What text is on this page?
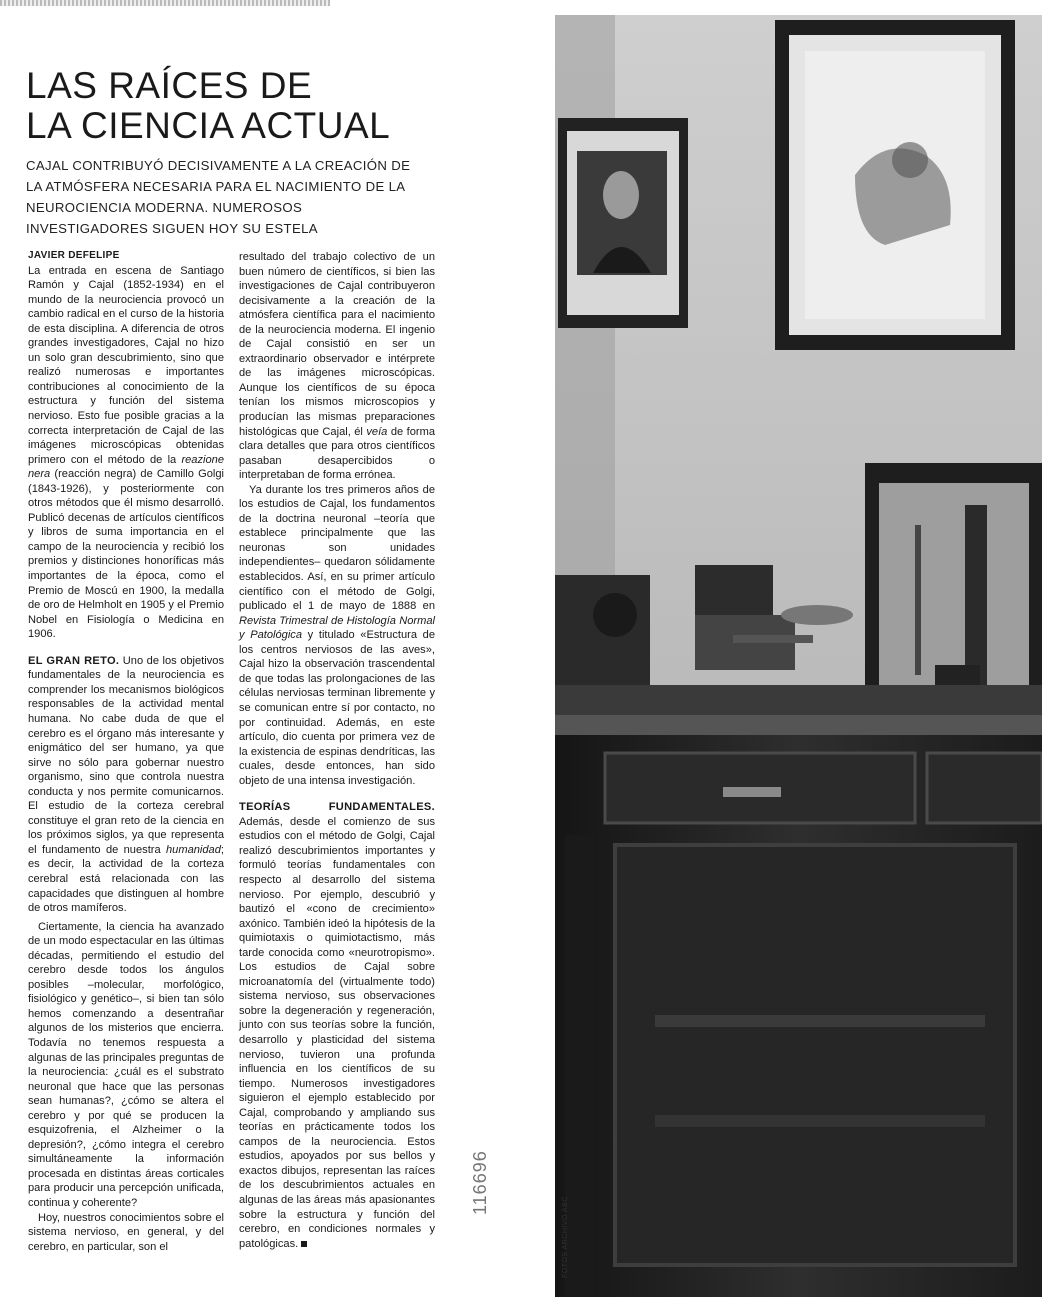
LAS RAÍCES DE
LA CIENCIA ACTUAL

CAJAL CONTRIBUYÓ DECISIVAMENTE A LA CREACIÓN DE LA ATMÓSFERA NECESARIA PARA EL NACIMIENTO DE LA NEUROCIENCIA MODERNA. NUMEROSOS INVESTIGADORES SIGUEN HOY SU ESTELA

JAVIER DEFELIPE

La entrada en escena de Santiago Ramón y Cajal (1852-1934) en el mundo de la neurociencia provocó un cambio radical en el curso de la historia de esta disciplina. A diferencia de otros grandes investigadores, Cajal no hizo un solo gran descubrimiento, sino que realizó numerosas e importantes contribuciones al conocimiento de la estructura y función del sistema nervioso. Esto fue posible gracias a la correcta interpretación de Cajal de las imágenes microscópicas obtenidas primero con el método de la reazione nera (reacción negra) de Camillo Golgi (1843-1926), y posteriormente con otros métodos que él mismo desarrolló. Publicó decenas de artículos científicos y libros de suma importancia en el campo de la neurociencia y recibió los premios y distinciones honoríficas más importantes de la época, como el Premio de Moscú en 1900, la medalla de oro de Helmholt en 1905 y el Premio Nobel en Fisiología o Medicina en 1906.

EL GRAN RETO. Uno de los objetivos fundamentales de la neurociencia es comprender los mecanismos biológicos responsables de la actividad mental humana. No cabe duda de que el cerebro es el órgano más interesante y enigmático del ser humano, ya que sirve no sólo para gobernar nuestro organismo, sino que controla nuestra conducta y nos permite comunicarnos. El estudio de la corteza cerebral constituye el gran reto de la ciencia en los próximos siglos, ya que representa el fundamento de nuestra humanidad; es decir, la actividad de la corteza cerebral está relacionada con las capacidades que distinguen al hombre de otros mamíferos.

Ciertamente, la ciencia ha avanzado de un modo espectacular en las últimas décadas, permitiendo el estudio del cerebro desde todos los ángulos posibles –molecular, morfológico, fisiológico y genético–, si bien tan sólo hemos comenzando a desentrañar algunos de los misterios que encierra. Todavía no tenemos respuesta a algunas de las principales preguntas de la neurociencia: ¿cuál es el substrato neuronal que hace que las personas sean humanas?, ¿cómo se altera el cerebro y por qué se producen la esquizofrenia, el Alzheimer o la depresión?, ¿cómo integra el cerebro simultáneamente la información procesada en distintas áreas corticales para producir una percepción unificada, continua y coherente?

Hoy, nuestros conocimientos sobre el sistema nervioso, en general, y del cerebro, en particular, son el

resultado del trabajo colectivo de un buen número de científicos, si bien las investigaciones de Cajal contribuyeron decisivamente a la creación de la atmósfera científica para el nacimiento de la neurociencia moderna. El ingenio de Cajal consistió en ser un extraordinario observador e intérprete de las imágenes microscópicas. Aunque los científicos de su época tenían los mismos microscopios y producían las mismas preparaciones histológicas que Cajal, él veía de forma clara detalles que para otros científicos pasaban desapercibidos o interpretaban de forma errónea.

Ya durante los tres primeros años de los estudios de Cajal, los fundamentos de la doctrina neuronal –teoría que establece principalmente que las neuronas son unidades independientes– quedaron sólidamente establecidos. Así, en su primer artículo científico con el método de Golgi, publicado el 1 de mayo de 1888 en Revista Trimestral de Histología Normal y Patológica y titulado «Estructura de los centros nerviosos de las aves», Cajal hizo la observación trascendental de que todas las prolongaciones de las células nerviosas terminan libremente y se comunican entre sí por contacto, no por continuidad. Además, en este artículo, dio cuenta por primera vez de la existencia de espinas dendríticas, las cuales, desde entonces, han sido objeto de una intensa investigación.

TEORÍAS FUNDAMENTALES. Además, desde el comienzo de sus estudios con el método de Golgi, Cajal realizó descubrimientos importantes y formuló teorías fundamentales con respecto al desarrollo del sistema nervioso. Por ejemplo, descubrió y bautizó el «cono de crecimiento» axónico. También ideó la hipótesis de la quimiotaxis o quimiotactismo, más tarde conocida como «neurotropismo». Los estudios de Cajal sobre microanatomía del (virtualmente todo) sistema nervioso, sus observaciones sobre la degeneración y regeneración, junto con sus teorías sobre la función, desarrollo y plasticidad del sistema nervioso, tuvieron una profunda influencia en los científicos de su tiempo. Numerosos investigadores siguieron el ejemplo establecido por Cajal, comprobando y ampliando sus teorías en prácticamente todos los campos de la neurociencia. Estos estudios, apoyados por sus bellos y exactos dibujos, representan las raíces de los descubrimientos actuales en algunas de las áreas más apasionantes sobre la estructura y función del cerebro, en condiciones normales y patológicas.

116696
FOTOS ARCHIVO ABC
